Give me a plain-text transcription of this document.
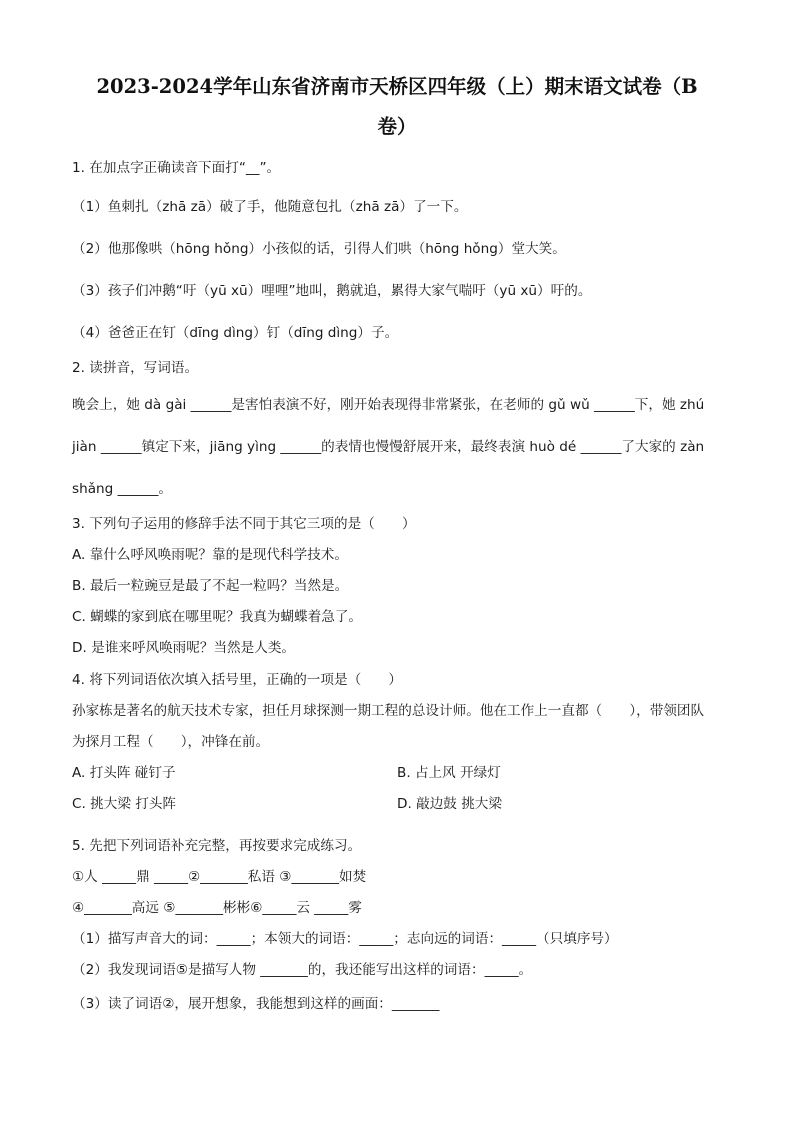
2023-2024学年山东省济南市天桥区四年级（上）期末语文试卷（B
卷）
1. 在加点字正确读音下面打“__”。
（1）鱼刺扎（zhā zā）破了手，他随意包扎（zhā zā）了一下。
（2）他那像哄（hōng hǒng）小孩似的话，引得人们哄（hōng hǒng）堂大笑。
（3）孩子们冲鹅“吁（yū xū）哩哩”地叫，鹅就追，累得大家气喘吁（yū xū）吁的。
（4）爸爸正在钉（dīng dìng）钉（dīng dìng）子。
2. 读拼音，写词语。
晚会上，她 dà gài ______是害怕表演不好，刚开始表现得非常紧张，在老师的 gǔ wǔ ______下，她 zhú
jiàn ______镇定下来，jiāng yìng ______的表情也慢慢舒展开来，最终表演 huò dé ______了大家的 zàn
shǎng ______。
3. 下列句子运用的修辞手法不同于其它三项的是（　　）
A. 靠什么呼风唤雨呢？靠的是现代科学技术。
B. 最后一粒豌豆是最了不起一粒吗？当然是。
C. 蝴蝶的家到底在哪里呢？我真为蝴蝶着急了。
D. 是谁来呼风唤雨呢？当然是人类。
4. 将下列词语依次填入括号里，正确的一项是（　　）
孙家栋是著名的航天技术专家，担任月球探测一期工程的总设计师。他在工作上一直都（　　），带领团队
为探月工程（　　），冲锋在前。
A. 打头阵 碰钉子	B. 占上风 开绿灯
C. 挑大梁 打头阵	D. 敲边鼓 挑大梁
5. 先把下列词语补充完整，再按要求完成练习。
①人 _____鼎 _____②_______私语 ③_______如焚
④_______高远 ⑤_______彬彬⑥_____云 _____雾
（1）描写声音大的词：_____；本领大的词语：_____；志向远的词语：_____（只填序号）
（2）我发现词语⑤是描写人物 _______的，我还能写出这样的词语：_____。
（3）读了词语②，展开想象，我能想到这样的画面：_______
